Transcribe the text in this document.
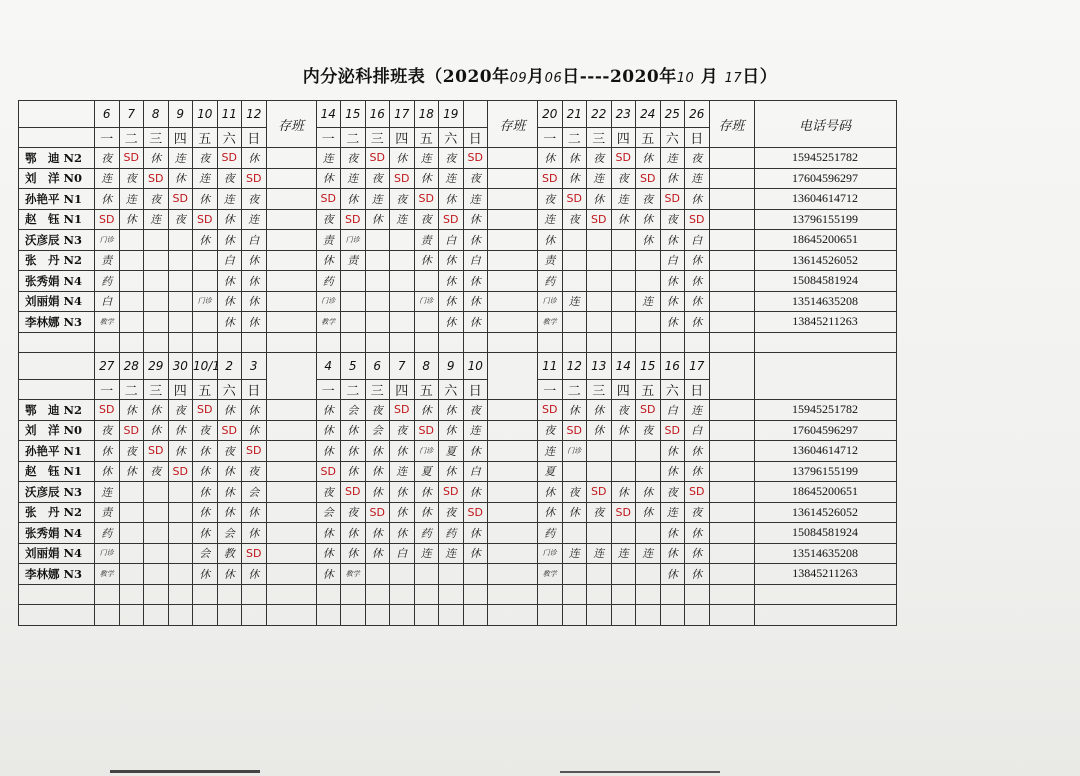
内分泌科排班表（2020年09月06日----2020年10 月 17日）
	6	7	8	9	10	11	12	存班	14	15	16	17	18	19		存班	20	21	22	23	24	25	26	存班	电话号码
	一	二	三	四	五	六	日		一	二	三	四	五	六	日		一	二	三	四	五	六	日		
鄂　迪 N2	夜	SD	休	连	夜	SD	休		连	夜	SD	休	连	夜	SD		休	休	夜	SD	休	连	夜		15945251782
刘　洋 N0	连	夜	SD	休	连	夜	SD		休	连	夜	SD	休	连	夜		SD	休	连	夜	SD	休	连		17604596297
孙艳平 N1	休	连	夜	SD	休	连	夜		SD	休	连	夜	SD	休	连		夜	SD	休	连	夜	SD	休		13604614712
赵　钰 N1	SD	休	连	夜	SD	休	连		夜	SD	休	连	夜	SD	休		连	夜	SD	休	休	夜	SD		13796155199
沃彦辰 N3	门诊				休	休	白		责	门诊			责	白	休		休				休	休	白		18645200651
张　丹 N2	责					白	休		休	责			休	休	白		责					白	休		13614526052
张秀娟 N4	药					休	休		药					休	休		药					休	休		15084581924
刘丽娟 N4	白				门诊	休	休		门诊				门诊	休	休		门诊	连			连	休	休		13514635208
李林娜 N3	教学					休	休		教学					休	休		教学					休	休		13845211263

	27	28	29	30	10/1	2	3		4	5	6	7	8	9	10		11	12	13	14	15	16	17		
	一	二	三	四	五	六	日		一	二	三	四	五	六	日		一	二	三	四	五	六	日		
鄂　迪 N2	SD	休	休	夜	SD	休	休		休	会	夜	SD	休	休	夜		SD	休	休	夜	SD	白	连		15945251782
刘　洋 N0	夜	SD	休	休	夜	SD	休		休	休	会	夜	SD	休	连		夜	SD	休	休	夜	SD	白		17604596297
孙艳平 N1	休	夜	SD	休	休	夜	SD		休	休	休	休	门诊	夏	休		连	门诊				休	休		13604614712
赵　钰 N1	休	休	夜	SD	休	休	夜		SD	休	休	连	夏	休	白		夏					休	休		13796155199
沃彦辰 N3	连				休	休	会		夜	SD	休	休	休	SD	休		休	夜	SD	休	休	夜	SD		18645200651
张　丹 N2	责				休	休	休		会	夜	SD	休	休	夜	SD		休	休	夜	SD	休	连	夜		13614526052
张秀娟 N4	药				休	会	休		休	休	休	休	药	药	休		药					休	休		15084581924
刘丽娟 N4	门诊				会	教	SD		休	休	休	白	连	连	休		门诊	连	连	连	连	休	休		13514635208
李林娜 N3	教学				休	休	休		休	教学							教学					休	休		13845211263
